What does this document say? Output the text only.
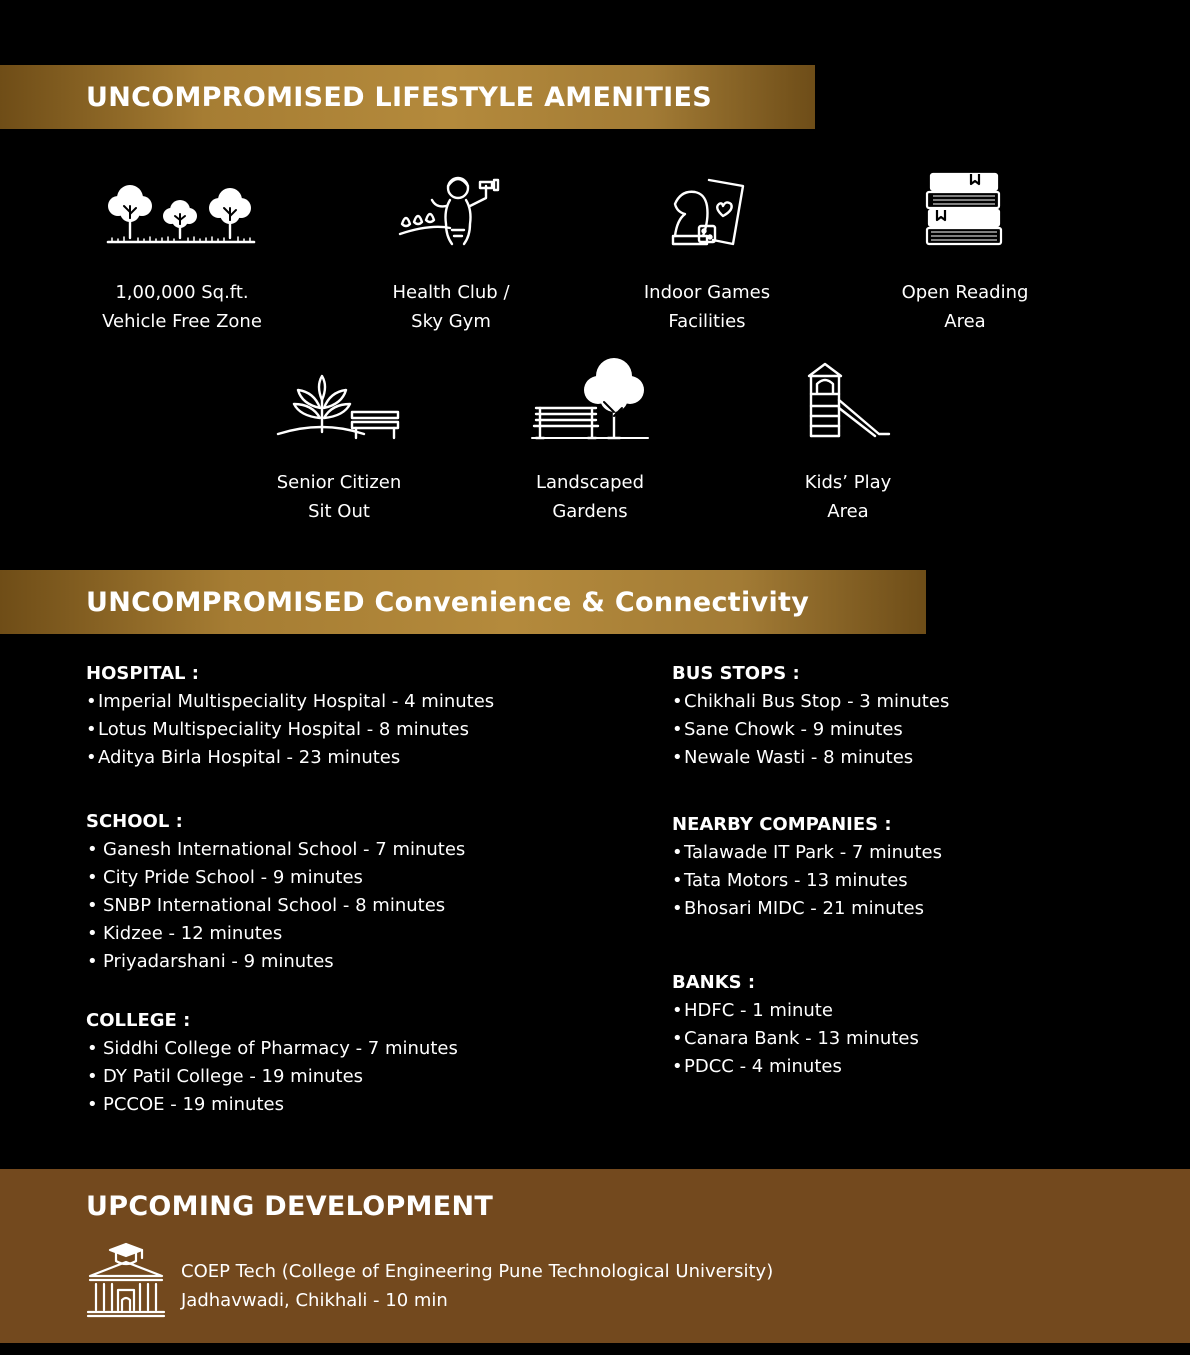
UNCOMPROMISED LIFESTYLE AMENITIES
1,00,000 Sq.ft.
Vehicle Free Zone
Health Club /
Sky Gym
Indoor Games
Facilities
Open Reading
Area
Senior Citizen
Sit Out
Landscaped
Gardens
Kids’ Play
Area
UNCOMPROMISED Convenience & Connectivity
HOSPITAL :
• Imperial Multispeciality Hospital - 4 minutes
• Lotus Multispeciality Hospital - 8 minutes
• Aditya Birla Hospital - 23 minutes
SCHOOL :
• Ganesh International School - 7 minutes
• City Pride School - 9 minutes
• SNBP International School - 8 minutes
• Kidzee - 12 minutes
• Priyadarshani - 9 minutes
COLLEGE :
• Siddhi College of Pharmacy - 7 minutes
• DY Patil College - 19 minutes
• PCCOE - 19 minutes
BUS STOPS :
• Chikhali Bus Stop - 3 minutes
• Sane Chowk - 9 minutes
• Newale Wasti - 8 minutes
NEARBY COMPANIES :
• Talawade IT Park - 7 minutes
• Tata Motors - 13 minutes
• Bhosari MIDC - 21 minutes
BANKS :
• HDFC - 1 minute
• Canara Bank - 13 minutes
• PDCC - 4 minutes
UPCOMING DEVELOPMENT
COEP Tech (College of Engineering Pune Technological University)
Jadhavwadi, Chikhali - 10 min
